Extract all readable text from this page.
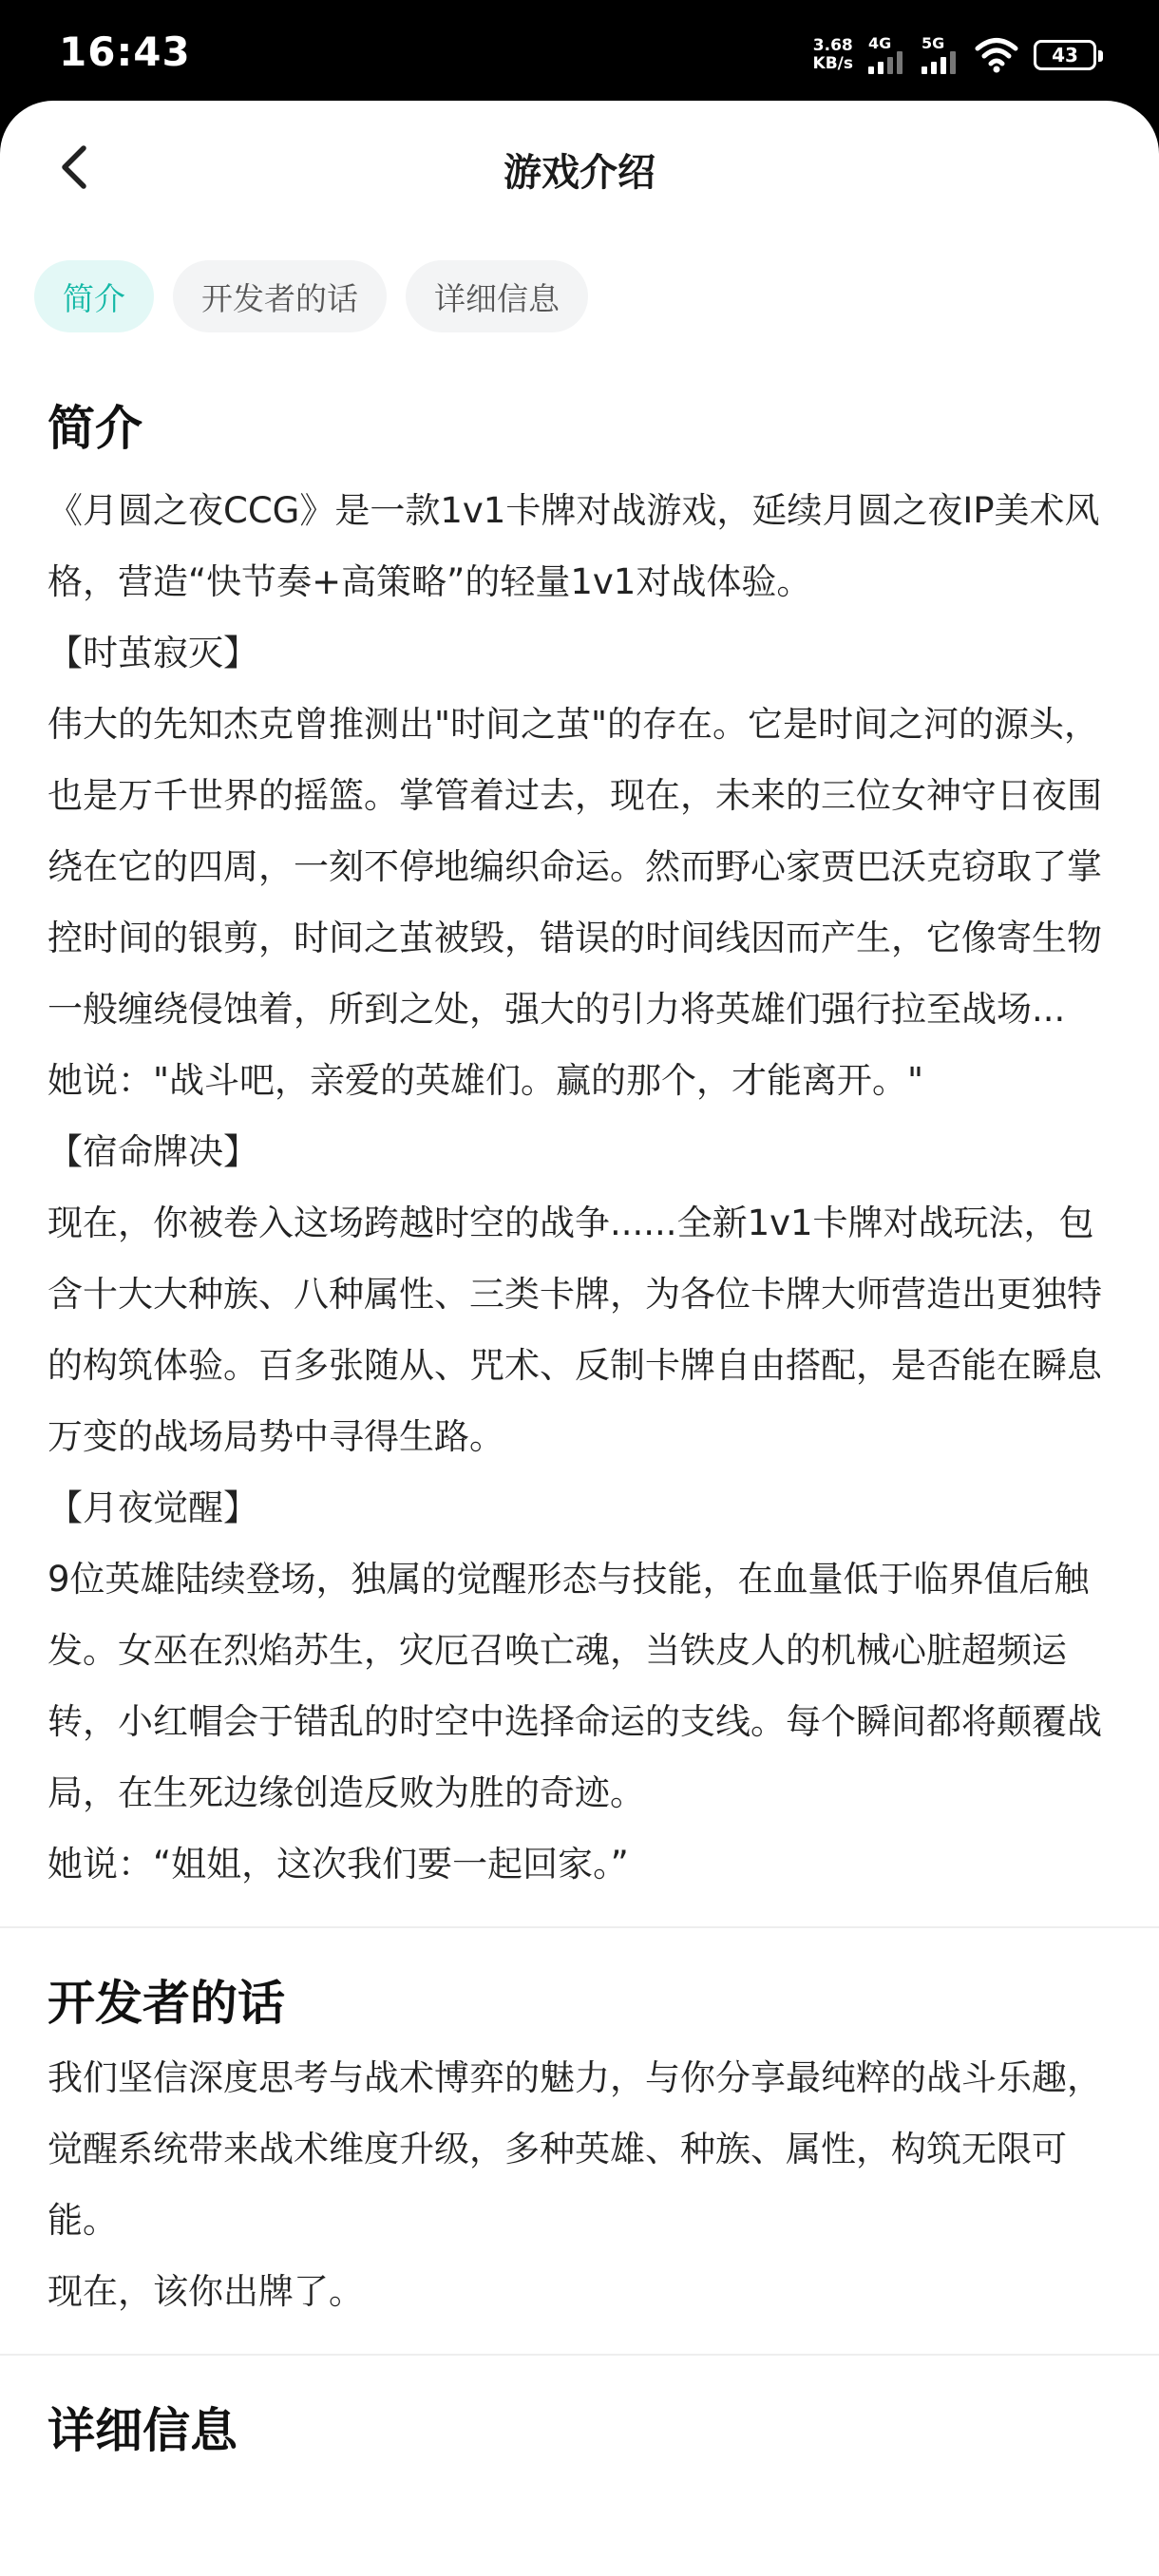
16:43	3.68
KB/s
4G 5G
43
游戏介绍
简介	开发者的话	详细信息
简介
《月圆之夜CCG》是一款1v1卡牌对战游戏，延续月圆之夜IP美术风格，营造“快节奏+高策略”的轻量1v1对战体验。
【时茧寂灭】
伟大的先知杰克曾推测出"时间之茧"的存在。它是时间之河的源头，也是万千世界的摇篮。掌管着过去，现在，未来的三位女神守日夜围绕在它的四周，一刻不停地编织命运。然而野心家贾巴沃克窃取了掌控时间的银剪，时间之茧被毁，错误的时间线因而产生，它像寄生物一般缠绕侵蚀着，所到之处，强大的引力将英雄们强行拉至战场...
她说："战斗吧，亲爱的英雄们。赢的那个，才能离开。"
【宿命牌决】
现在，你被卷入这场跨越时空的战争......全新1v1卡牌对战玩法，包含十大大种族、八种属性、三类卡牌，为各位卡牌大师营造出更独特的构筑体验。百多张随从、咒术、反制卡牌自由搭配，是否能在瞬息万变的战场局势中寻得生路。
【月夜觉醒】
9位英雄陆续登场，独属的觉醒形态与技能，在血量低于临界值后触发。女巫在烈焰苏生，灾厄召唤亡魂，当铁皮人的机械心脏超频运转，小红帽会于错乱的时空中选择命运的支线。每个瞬间都将颠覆战局，在生死边缘创造反败为胜的奇迹。
她说：“姐姐，这次我们要一起回家。”
开发者的话
我们坚信深度思考与战术博弈的魅力，与你分享最纯粹的战斗乐趣，觉醒系统带来战术维度升级，多种英雄、种族、属性，构筑无限可能。
现在，该你出牌了。
详细信息
